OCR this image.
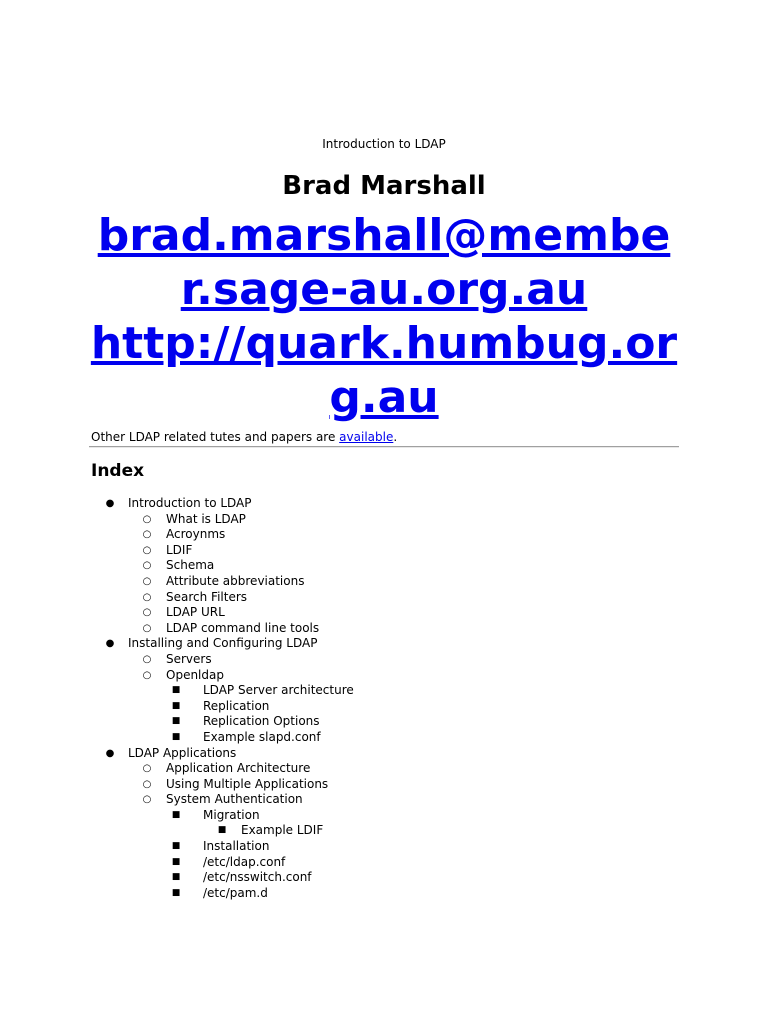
Introduction to LDAP
Brad Marshall
brad.marshall@member.sage-au.org.au
http://quark.humbug.org.au
Other LDAP related tutes and papers are available.
Index
● Introduction to LDAP
○ What is LDAP
○ Acroynms
○ LDIF
○ Schema
○ Attribute abbreviations
○ Search Filters
○ LDAP URL
○ LDAP command line tools
● Installing and Configuring LDAP
○ Servers
○ Openldap
■ LDAP Server architecture
■ Replication
■ Replication Options
■ Example slapd.conf
● LDAP Applications
○ Application Architecture
○ Using Multiple Applications
○ System Authentication
■ Migration
■ Example LDIF
■ Installation
■ /etc/ldap.conf
■ /etc/nsswitch.conf
■ /etc/pam.d
